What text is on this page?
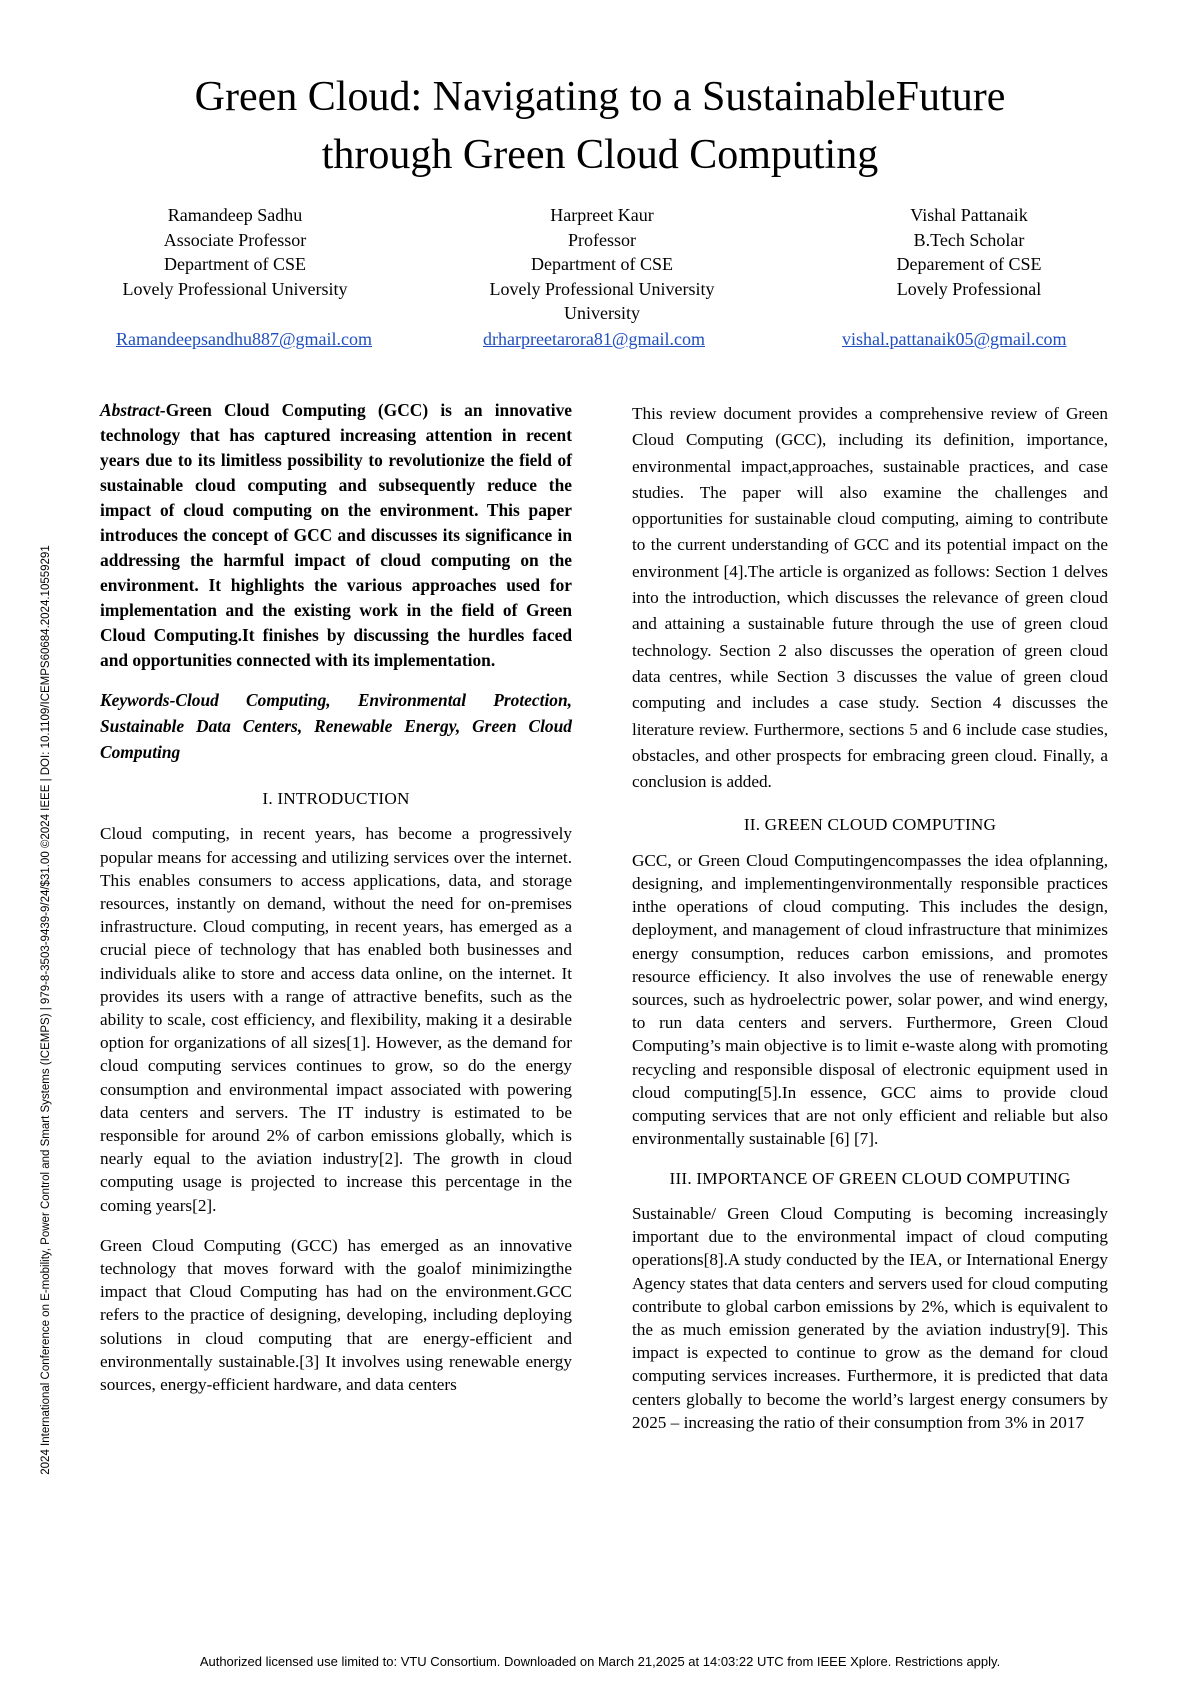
Green Cloud: Navigating to a SustainableFuture
through Green Cloud Computing
Ramandeep Sadhu
Associate Professor
Department of CSE
Lovely Professional University
Harpreet Kaur
Professor
Department of CSE
Lovely Professional University
University
Vishal Pattanaik
B.Tech Scholar
Deparement of CSE
Lovely Professional
Ramandeepsandhu887@gmail.com	drharpreetarora81@gmail.com	vishal.pattanaik05@gmail.com
2024 International Conference on E-mobility, Power Control and Smart Systems (ICEMPS) | 979-8-3503-9439-9/24/$31.00 ©2024 IEEE | DOI: 10.1109/ICEMPS60684.2024.10559291

Abstract-Green Cloud Computing (GCC) is an innovative technology that has captured increasing attention in recent years due to its limitless possibility to revolutionize the field of sustainable cloud computing and subsequently reduce the impact of cloud computing on the environment. This paper introduces the concept of GCC and discusses its significance in addressing the harmful impact of cloud computing on the environment. It highlights the various approaches used for implementation and the existing work in the field of Green Cloud Computing.It finishes by discussing the hurdles faced and opportunities connected with its implementation.

Keywords-Cloud Computing, Environmental Protection, Sustainable Data Centers, Renewable Energy, Green Cloud Computing

I. INTRODUCTION

Cloud computing, in recent years, has become a progressively popular means for accessing and utilizing services over the internet. This enables consumers to access applications, data, and storage resources, instantly on demand, without the need for on-premises infrastructure. Cloud computing, in recent years, has emerged as a crucial piece of technology that has enabled both businesses and individuals alike to store and access data online, on the internet. It provides its users with a range of attractive benefits, such as the ability to scale, cost efficiency, and flexibility, making it a desirable option for organizations of all sizes[1]. However, as the demand for cloud computing services continues to grow, so do the energy consumption and environmental impact associated with powering data centers and servers. The IT industry is estimated to be responsible for around 2% of carbon emissions globally, which is nearly equal to the aviation industry[2]. The growth in cloud computing usage is projected to increase this percentage in the coming years[2].

Green Cloud Computing (GCC) has emerged as an innovative technology that moves forward with the goalof minimizingthe impact that Cloud Computing has had on the environment.GCC refers to the practice of designing, developing, including deploying solutions in cloud computing that are energy-efficient and environmentally sustainable.[3] It involves using renewable energy sources, energy-efficient hardware, and data centers

This review document provides a comprehensive review of Green Cloud Computing (GCC), including its definition, importance, environmental impact,approaches, sustainable practices, and case studies. The paper will also examine the challenges and opportunities for sustainable cloud computing, aiming to contribute to the current understanding of GCC and its potential impact on the environment [4].The article is organized as follows: Section 1 delves into the introduction, which discusses the relevance of green cloud and attaining a sustainable future through the use of green cloud technology. Section 2 also discusses the operation of green cloud data centres, while Section 3 discusses the value of green cloud computing and includes a case study. Section 4 discusses the literature review. Furthermore, sections 5 and 6 include case studies, obstacles, and other prospects for embracing green cloud. Finally, a conclusion is added.

II. GREEN CLOUD COMPUTING

GCC, or Green Cloud Computingencompasses the idea ofplanning, designing, and implementingenvironmentally responsible practices inthe operations of cloud computing. This includes the design, deployment, and management of cloud infrastructure that minimizes energy consumption, reduces carbon emissions, and promotes resource efficiency. It also involves the use of renewable energy sources, such as hydroelectric power, solar power, and wind energy, to run data centers and servers. Furthermore, Green Cloud Computing’s main objective is to limit e-waste along with promoting recycling and responsible disposal of electronic equipment used in cloud computing[5].In essence, GCC aims to provide cloud computing services that are not only efficient and reliable but also environmentally sustainable [6] [7].

III. IMPORTANCE OF GREEN CLOUD COMPUTING

Sustainable/ Green Cloud Computing is becoming increasingly important due to the environmental impact of cloud computing operations[8].A study conducted by the IEA, or International Energy Agency states that data centers and servers used for cloud computing contribute to global carbon emissions by 2%, which is equivalent to the as much emission generated by the aviation industry[9]. This impact is expected to continue to grow as the demand for cloud computing services increases. Furthermore, it is predicted that data centers globally to become the world’s largest energy consumers by 2025 – increasing the ratio of their consumption from 3% in 2017

Authorized licensed use limited to: VTU Consortium. Downloaded on March 21,2025 at 14:03:22 UTC from IEEE Xplore. Restrictions apply.
